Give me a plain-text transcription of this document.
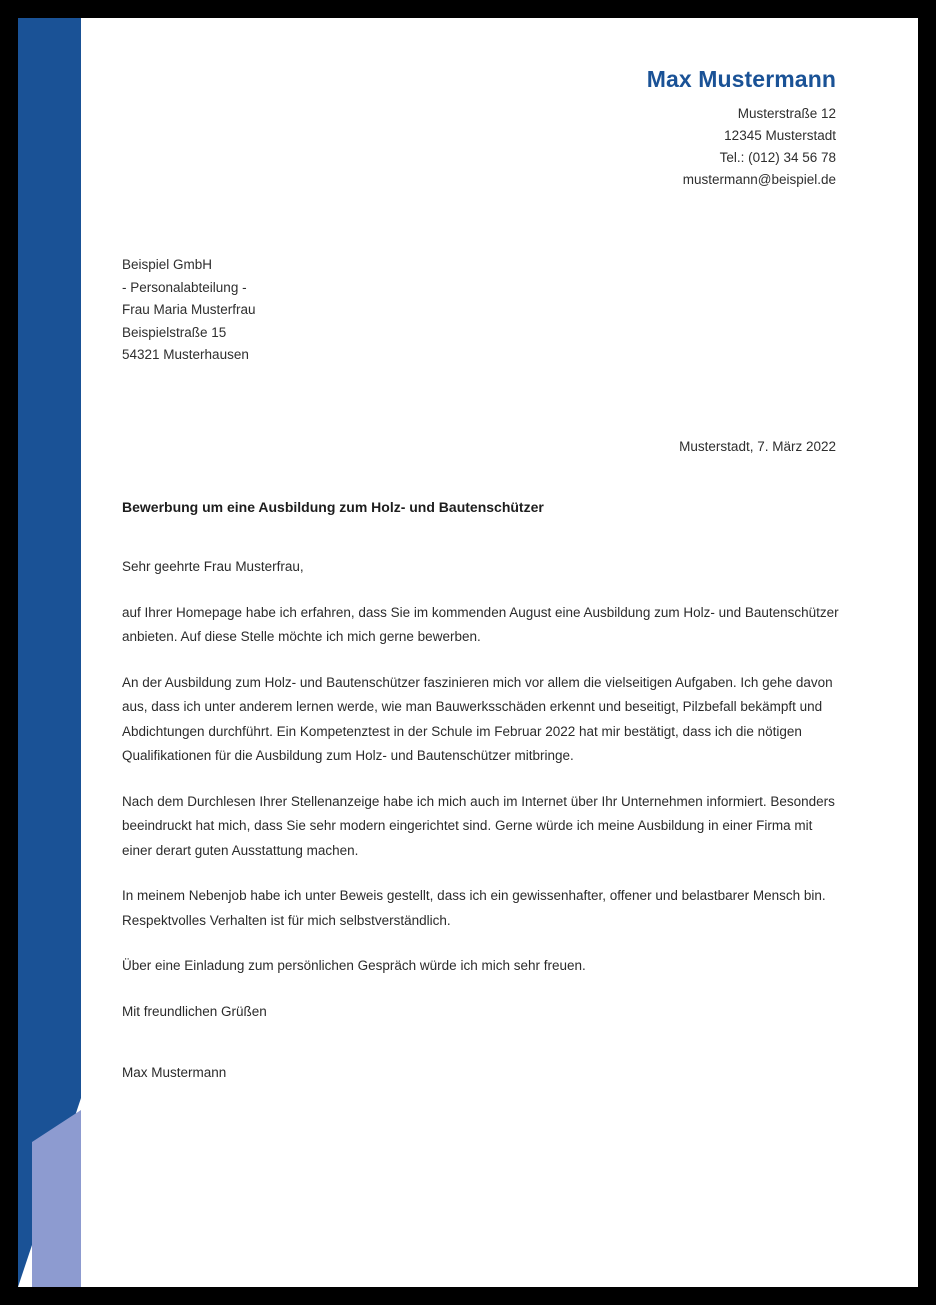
Max Mustermann
Musterstraße 12
12345 Musterstadt
Tel.: (012) 34 56 78
mustermann@beispiel.de
Beispiel GmbH
- Personalabteilung -
Frau Maria Musterfrau
Beispielstraße 15
54321 Musterhausen
Musterstadt, 7. März 2022
Bewerbung um eine Ausbildung zum Holz- und Bautenschützer

Sehr geehrte Frau Musterfrau,

auf Ihrer Homepage habe ich erfahren, dass Sie im kommenden August eine Ausbildung zum Holz- und Bautenschützer anbieten. Auf diese Stelle möchte ich mich gerne bewerben.

An der Ausbildung zum Holz- und Bautenschützer faszinieren mich vor allem die vielseitigen Aufgaben. Ich gehe davon aus, dass ich unter anderem lernen werde, wie man Bauwerksschäden erkennt und beseitigt, Pilzbefall bekämpft und Abdichtungen durchführt. Ein Kompetenztest in der Schule im Februar 2022 hat mir bestätigt, dass ich die nötigen Qualifikationen für die Ausbildung zum Holz- und Bautenschützer mitbringe.

Nach dem Durchlesen Ihrer Stellenanzeige habe ich mich auch im Internet über Ihr Unternehmen informiert. Besonders beeindruckt hat mich, dass Sie sehr modern eingerichtet sind. Gerne würde ich meine Ausbildung in einer Firma mit einer derart guten Ausstattung machen.

In meinem Nebenjob habe ich unter Beweis gestellt, dass ich ein gewissenhafter, offener und belastbarer Mensch bin. Respektvolles Verhalten ist für mich selbstverständlich.

Über eine Einladung zum persönlichen Gespräch würde ich mich sehr freuen.

Mit freundlichen Grüßen

Max Mustermann
